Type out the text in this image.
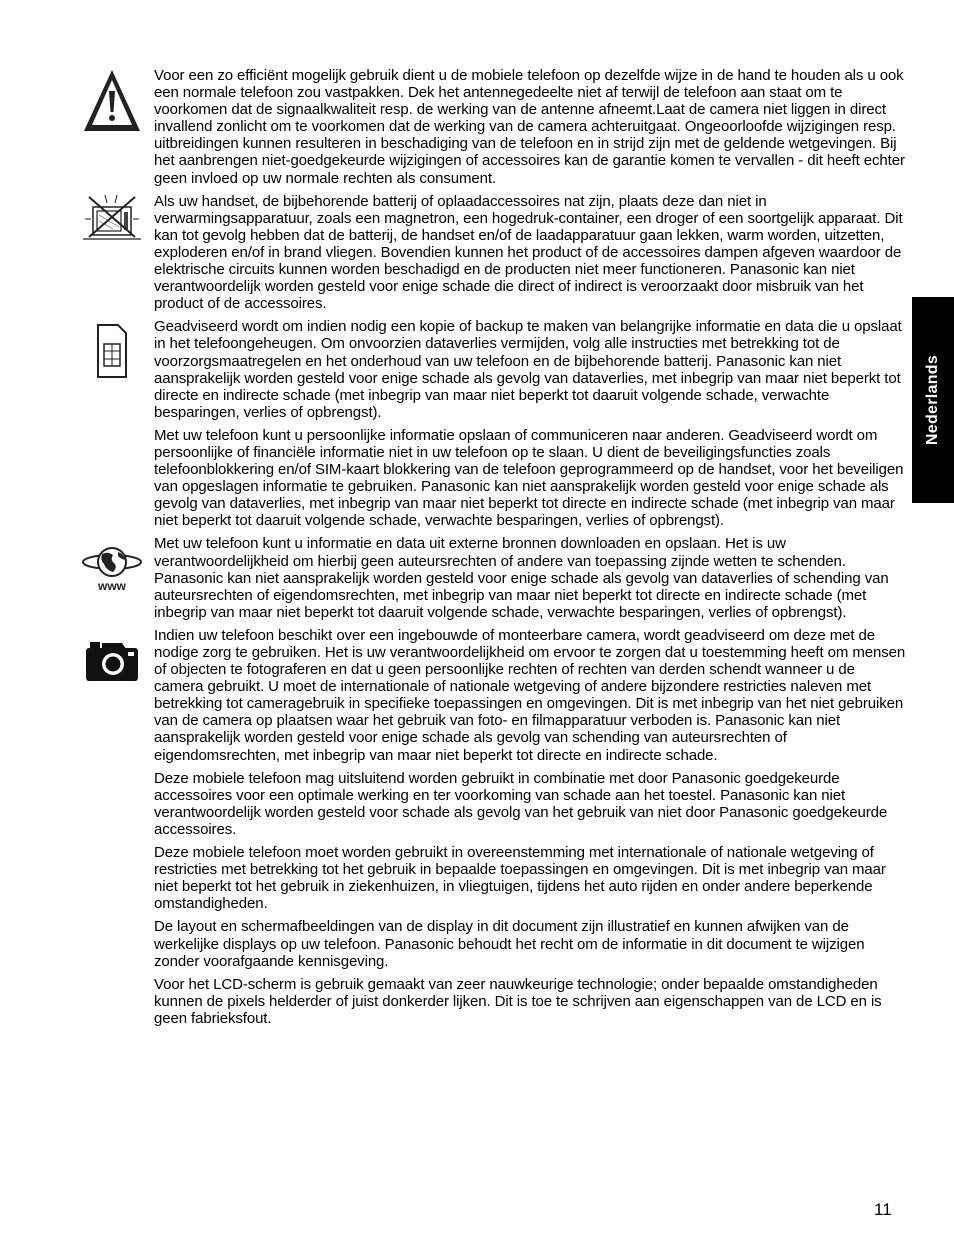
Nederlands

Voor een zo efficiënt mogelijk gebruik dient u de mobiele telefoon op dezelfde wijze in de hand te houden als u ook een normale telefoon zou vastpakken. Dek het antennegedeelte niet af terwijl de telefoon aan staat om te voorkomen dat de signaalkwaliteit resp. de werking van de antenne afneemt.Laat de camera niet liggen in direct invallend zonlicht om te voorkomen dat de werking van de camera achteruitgaat. Ongeoorloofde wijzigingen resp. uitbreidingen kunnen resulteren in beschadiging van de telefoon en in strijd zijn met de geldende wetgevingen. Bij het aanbrengen niet-goedgekeurde wijzigingen of accessoires kan de garantie komen te vervallen - dit heeft echter geen invloed op uw normale rechten als consument.

Als uw handset, de bijbehorende batterij of oplaadaccessoires nat zijn, plaats deze dan niet in verwarmingsapparatuur, zoals een magnetron, een hogedruk-container, een droger of een soortgelijk apparaat. Dit kan tot gevolg hebben dat de batterij, de handset en/of de laadapparatuur gaan lekken, warm worden, uitzetten, exploderen en/of in brand vliegen. Bovendien kunnen het product of de accessoires dampen afgeven waardoor de elektrische circuits kunnen worden beschadigd en de producten niet meer functioneren. Panasonic kan niet verantwoordelijk worden gesteld voor enige schade die direct of indirect is veroorzaakt door misbruik van het product of de accessoires.

Geadviseerd wordt om indien nodig een kopie of backup te maken van belangrijke informatie en data die u opslaat in het telefoongeheugen. Om onvoorzien dataverlies vermijden, volg alle instructies met betrekking tot de voorzorgsmaatregelen en het onderhoud van uw telefoon en de bijbehorende batterij. Panasonic kan niet aansprakelijk worden gesteld voor enige schade als gevolg van dataverlies, met inbegrip van maar niet beperkt tot directe en indirecte schade (met inbegrip van maar niet beperkt tot daaruit volgende schade, verwachte besparingen, verlies of opbrengst).

Met uw telefoon kunt u persoonlijke informatie opslaan of communiceren naar anderen. Geadviseerd wordt om persoonlijke of financiële informatie niet in uw telefoon op te slaan. U dient de beveiligingsfuncties zoals telefoonblokkering en/of SIM-kaart blokkering van de telefoon geprogrammeerd op de handset, voor het beveiligen van opgeslagen informatie te gebruiken. Panasonic kan niet aansprakelijk worden gesteld voor enige schade als gevolg van dataverlies, met inbegrip van maar niet beperkt tot directe en indirecte schade (met inbegrip van maar niet beperkt tot daaruit volgende schade, verwachte besparingen, verlies of opbrengst).

www

Met uw telefoon kunt u informatie en data uit externe bronnen downloaden en opslaan. Het is uw verantwoordelijkheid om hierbij geen auteursrechten of andere van toepassing zijnde wetten te schenden. Panasonic kan niet aansprakelijk worden gesteld voor enige schade als gevolg van dataverlies of schending van auteursrechten of eigendomsrechten, met inbegrip van maar niet beperkt tot directe en indirecte schade (met inbegrip van maar niet beperkt tot daaruit volgende schade, verwachte besparingen, verlies of opbrengst).

Indien uw telefoon beschikt over een ingebouwde of monteerbare camera, wordt geadviseerd om deze met de nodige zorg te gebruiken. Het is uw verantwoordelijkheid om ervoor te zorgen dat u toestemming heeft om mensen of objecten te fotograferen en dat u geen persoonlijke rechten of rechten van derden schendt wanneer u de camera gebruikt. U moet de internationale of nationale wetgeving of andere bijzondere restricties naleven met betrekking tot cameragebruik in specifieke toepassingen en omgevingen. Dit is met inbegrip van het niet gebruiken van de camera op plaatsen waar het gebruik van foto- en filmapparatuur verboden is. Panasonic kan niet aansprakelijk worden gesteld voor enige schade als gevolg van schending van auteursrechten of eigendomsrechten, met inbegrip van maar niet beperkt tot directe en indirecte schade.

Deze mobiele telefoon mag uitsluitend worden gebruikt in combinatie met door Panasonic goedgekeurde accessoires voor een optimale werking en ter voorkoming van schade aan het toestel. Panasonic kan niet verantwoordelijk worden gesteld voor schade als gevolg van het gebruik van niet door Panasonic goedgekeurde accessoires.

Deze mobiele telefoon moet worden gebruikt in overeenstemming met internationale of nationale wetgeving of restricties met betrekking tot het gebruik in bepaalde toepassingen en omgevingen. Dit is met inbegrip van maar niet beperkt tot het gebruik in ziekenhuizen, in vliegtuigen, tijdens het auto rijden en onder andere beperkende omstandigheden.

De layout en schermafbeeldingen van de display in dit document zijn illustratief en kunnen afwijken van de werkelijke displays op uw telefoon. Panasonic behoudt het recht om de informatie in dit document te wijzigen zonder voorafgaande kennisgeving.

Voor het LCD-scherm is gebruik gemaakt van zeer nauwkeurige technologie; onder bepaalde omstandigheden kunnen de pixels helderder of juist donkerder lijken. Dit is toe te schrijven aan eigenschappen van de LCD en is geen fabrieksfout.

11
